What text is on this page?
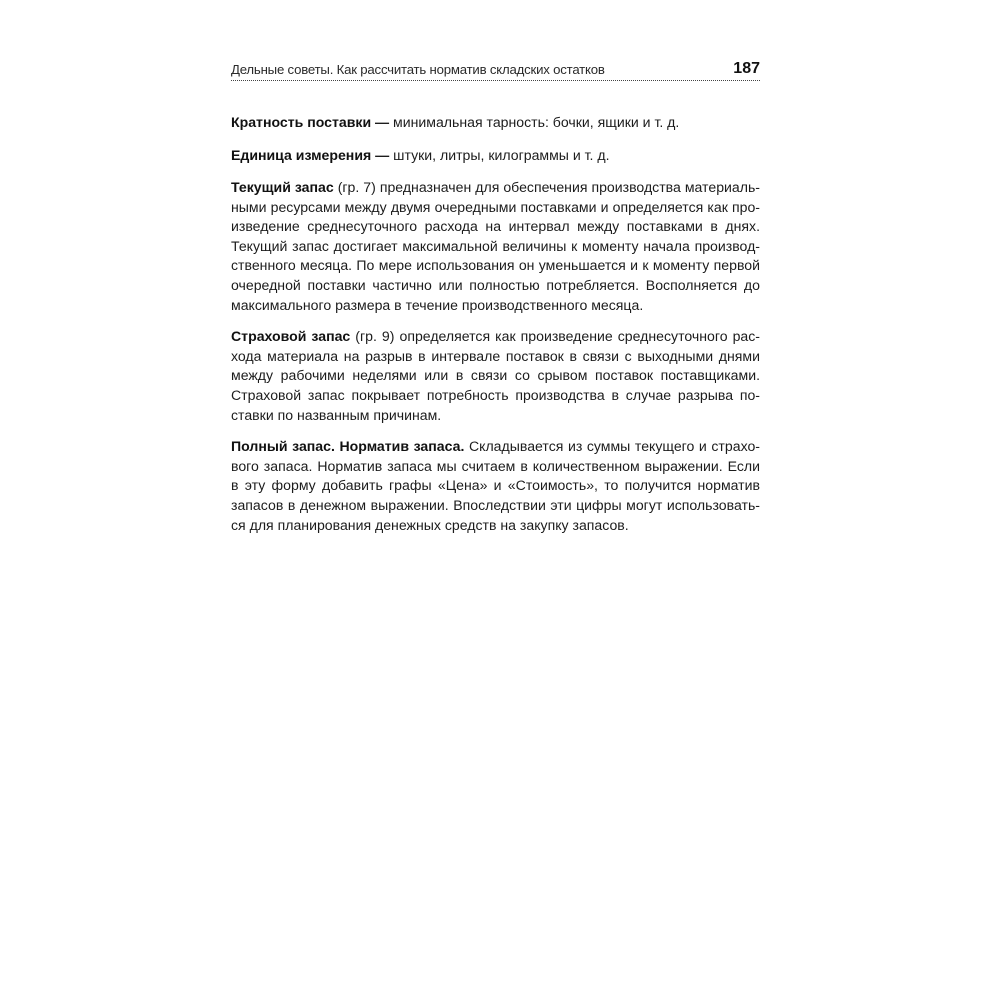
Дельные советы. Как рассчитать норматив складских остатков	187
Кратность поставки — минимальная тарность: бочки, ящики и т. д.
Единица измерения — штуки, литры, килограммы и т. д.
Текущий запас (гр. 7) предназначен для обеспечения производства материаль-
ными ресурсами между двумя очередными поставками и определяется как про-
изведение среднесуточного расхода на интервал между поставками в днях.
Текущий запас достигает максимальной величины к моменту начала производ-
ственного месяца. По мере использования он уменьшается и к моменту первой
очередной поставки частично или полностью потребляется. Восполняется до
максимального размера в течение производственного месяца.
Страховой запас (гр. 9) определяется как произведение среднесуточного рас-
хода материала на разрыв в интервале поставок в связи с выходными днями
между рабочими неделями или в связи со срывом поставок поставщиками.
Страховой запас покрывает потребность производства в случае разрыва по-
ставки по названным причинам.
Полный запас. Норматив запаса. Складывается из суммы текущего и страхо-
вого запаса. Норматив запаса мы считаем в количественном выражении. Если
в эту форму добавить графы «Цена» и «Стоимость», то получится норматив
запасов в денежном выражении. Впоследствии эти цифры могут использовать-
ся для планирования денежных средств на закупку запасов.
